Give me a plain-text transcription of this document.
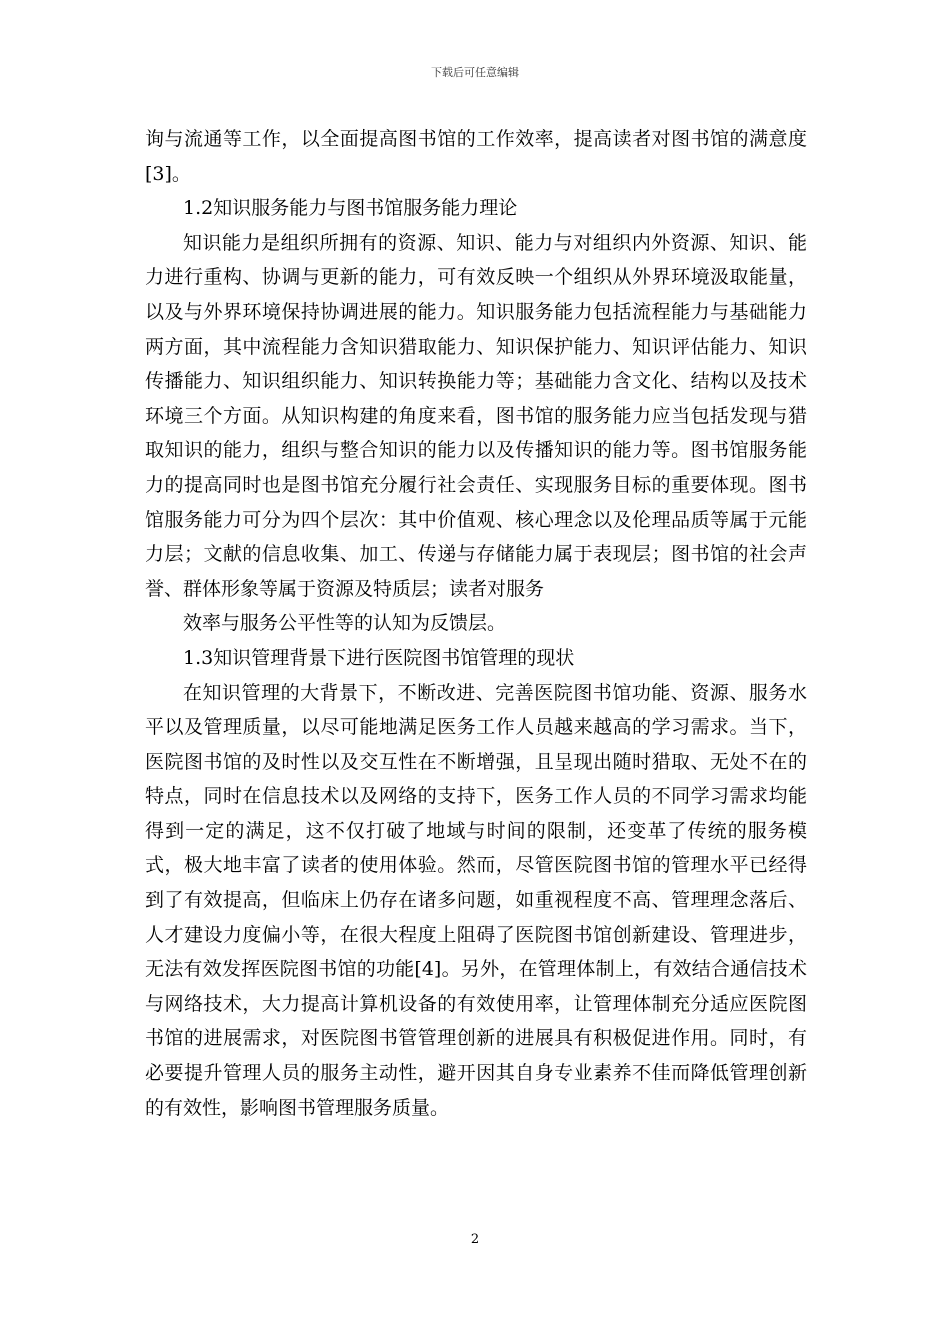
下载后可任意编辑

询与流通等工作，以全面提高图书馆的工作效率，提高读者对图书馆的满意度[3]。

1.2知识服务能力与图书馆服务能力理论

知识能力是组织所拥有的资源、知识、能力与对组织内外资源、知识、能力进行重构、协调与更新的能力，可有效反映一个组织从外界环境汲取能量，以及与外界环境保持协调进展的能力。知识服务能力包括流程能力与基础能力两方面，其中流程能力含知识猎取能力、知识保护能力、知识评估能力、知识传播能力、知识组织能力、知识转换能力等；基础能力含文化、结构以及技术环境三个方面。从知识构建的角度来看，图书馆的服务能力应当包括发现与猎取知识的能力，组织与整合知识的能力以及传播知识的能力等。图书馆服务能力的提高同时也是图书馆充分履行社会责任、实现服务目标的重要体现。图书馆服务能力可分为四个层次：其中价值观、核心理念以及伦理品质等属于元能力层；文献的信息收集、加工、传递与存储能力属于表现层；图书馆的社会声誉、群体形象等属于资源及特质层；读者对服务

效率与服务公平性等的认知为反馈层。

1.3知识管理背景下进行医院图书馆管理的现状

在知识管理的大背景下，不断改进、完善医院图书馆功能、资源、服务水平以及管理质量，以尽可能地满足医务工作人员越来越高的学习需求。当下，医院图书馆的及时性以及交互性在不断增强，且呈现出随时猎取、无处不在的特点，同时在信息技术以及网络的支持下，医务工作人员的不同学习需求均能得到一定的满足，这不仅打破了地域与时间的限制，还变革了传统的服务模式，极大地丰富了读者的使用体验。然而，尽管医院图书馆的管理水平已经得到了有效提高，但临床上仍存在诸多问题，如重视程度不高、管理理念落后、人才建设力度偏小等，在很大程度上阻碍了医院图书馆创新建设、管理进步，无法有效发挥医院图书馆的功能[4]。另外，在管理体制上，有效结合通信技术与网络技术，大力提高计算机设备的有效使用率，让管理体制充分适应医院图书馆的进展需求，对医院图书管管理创新的进展具有积极促进作用。同时，有必要提升管理人员的服务主动性，避开因其自身专业素养不佳而降低管理创新的有效性，影响图书管理服务质量。

2
